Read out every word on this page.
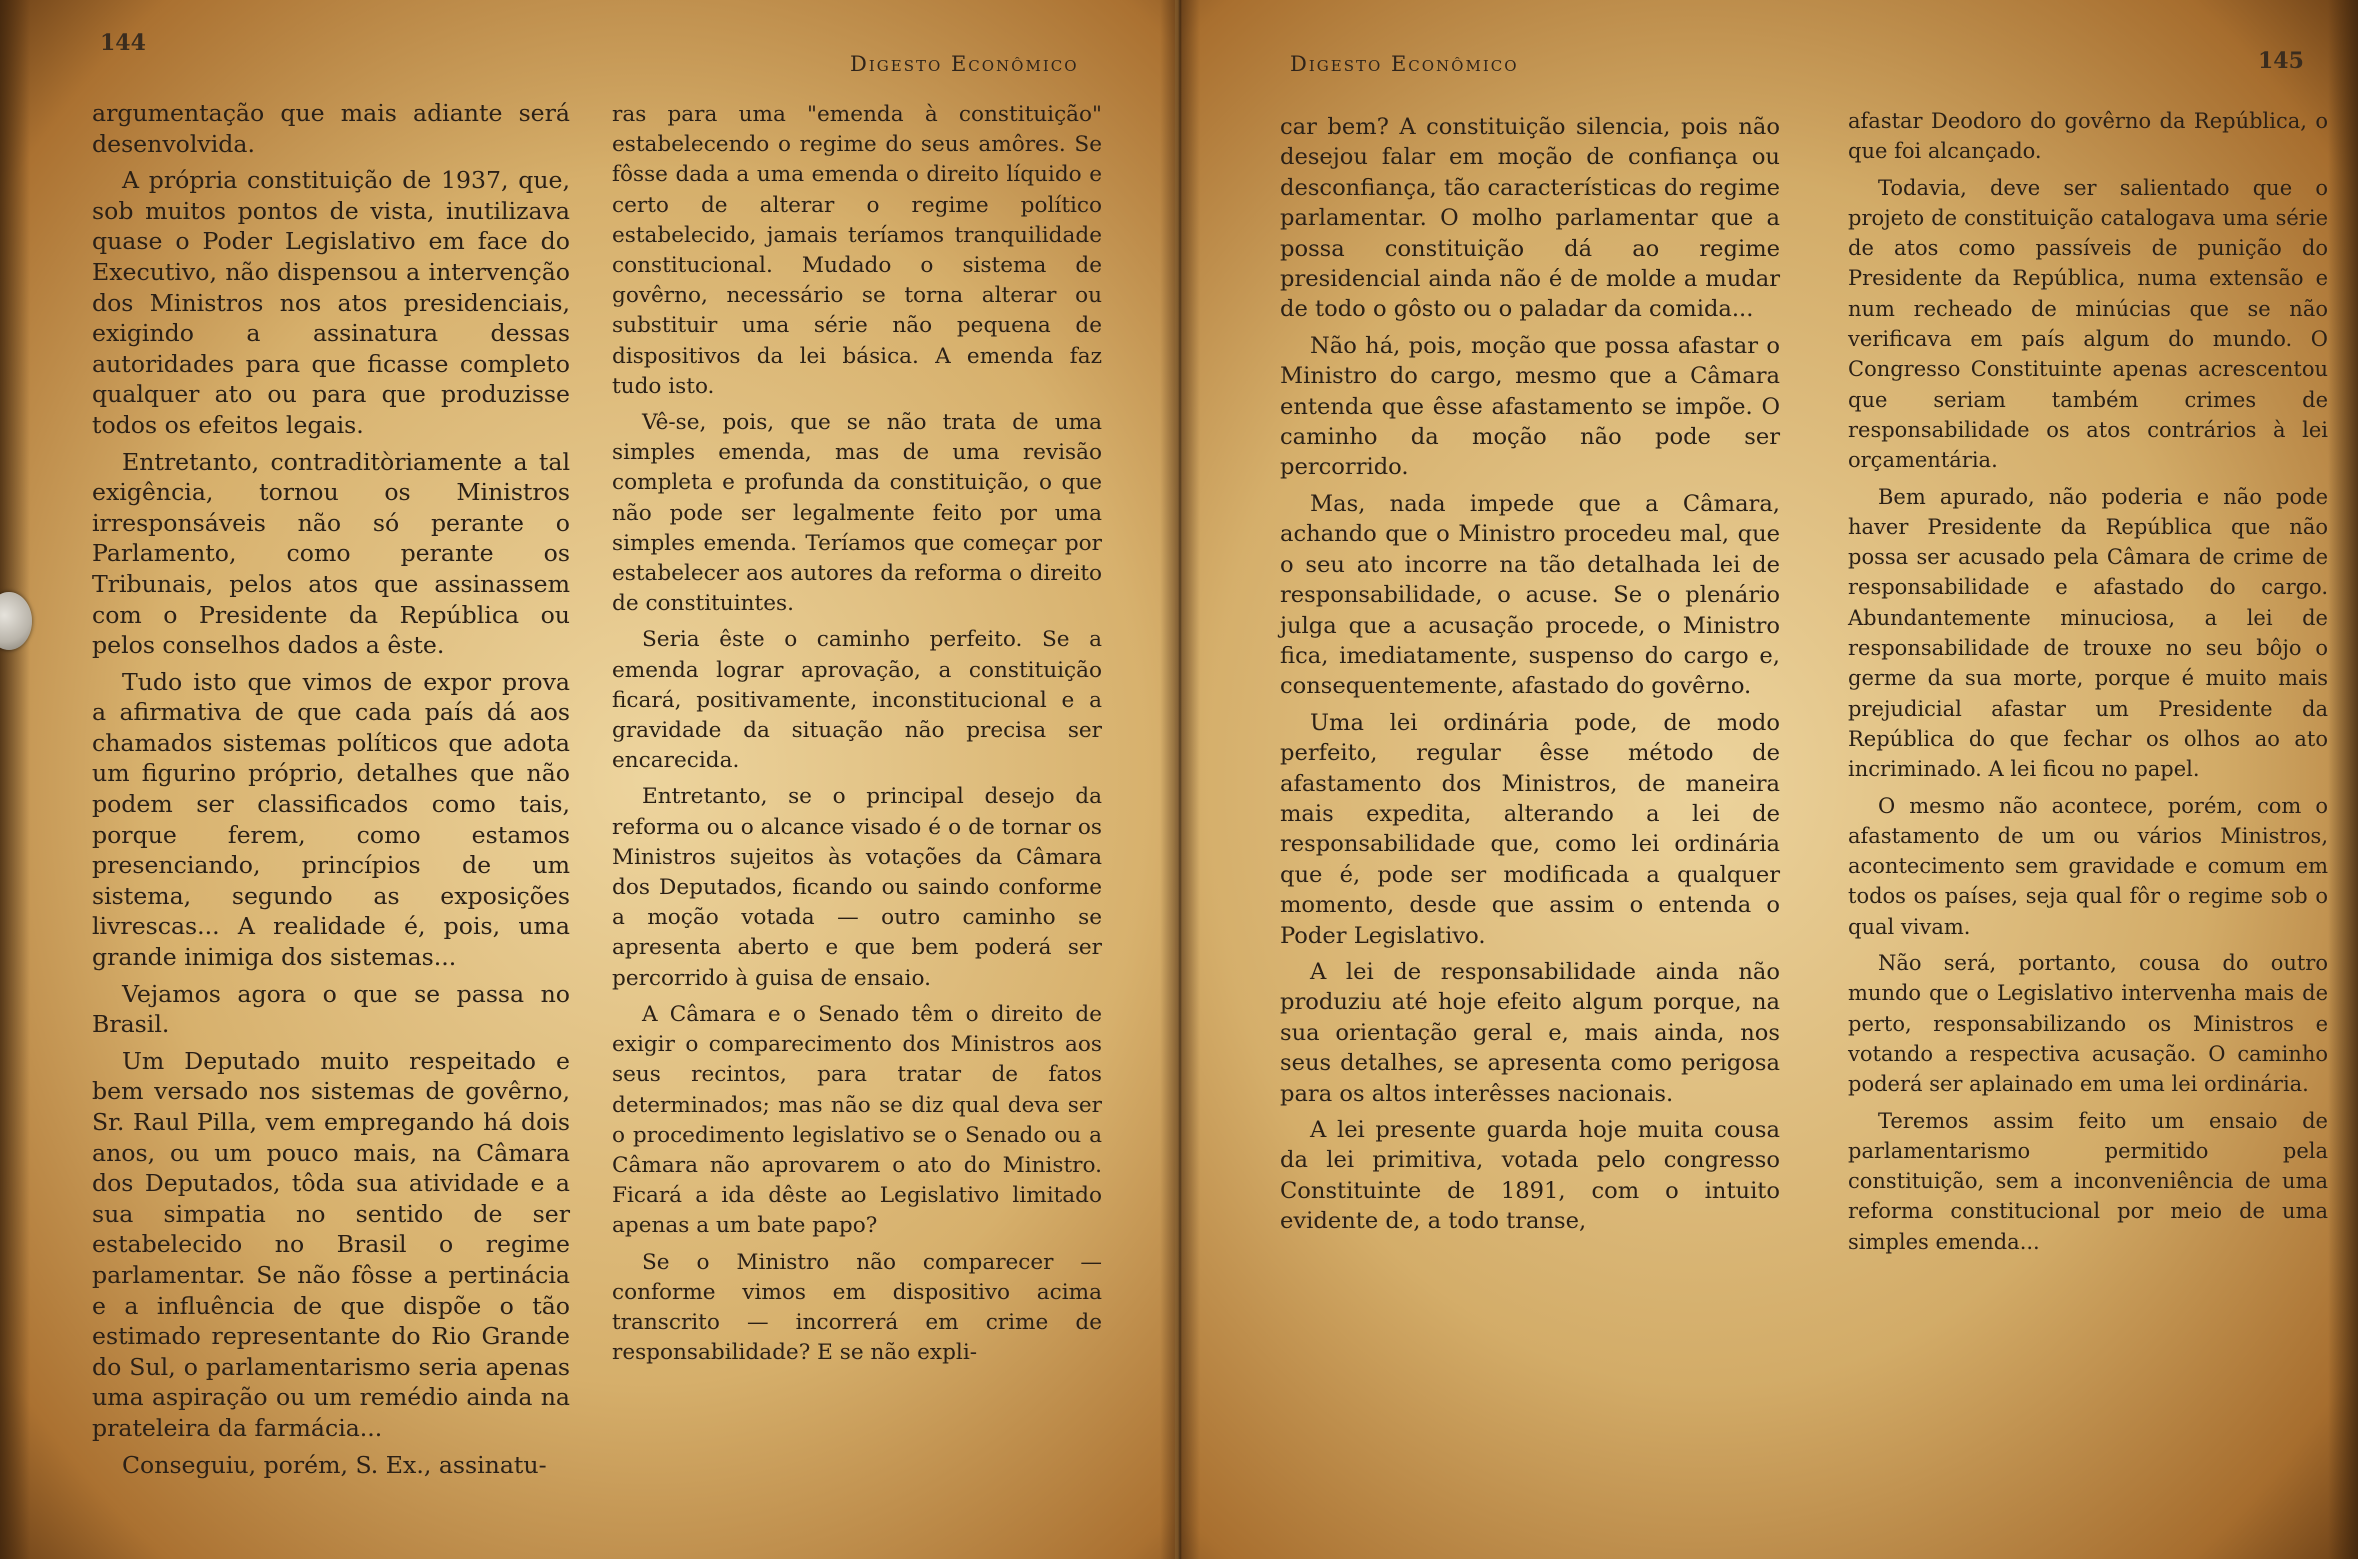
144
Digesto Econômico

argumentação que mais adiante será desenvolvida.

A própria constituição de 1937, que, sob muitos pontos de vista, inutilizava quase o Poder Legislativo em face do Executivo, não dispensou a intervenção dos Ministros nos atos presidenciais, exigindo a assinatura dessas autoridades para que ficasse completo qualquer ato ou para que produzisse todos os efeitos legais.

Entretanto, contraditòriamente a tal exigência, tornou os Ministros irresponsáveis não só perante o Parlamento, como perante os Tribunais, pelos atos que assinassem com o Presidente da República ou pelos conselhos dados a êste.

Tudo isto que vimos de expor prova a afirmativa de que cada país dá aos chamados sistemas políticos que adota um figurino próprio, detalhes que não podem ser classificados como tais, porque ferem, como estamos presenciando, princípios de um sistema, segundo as exposições livrescas... A realidade é, pois, uma grande inimiga dos sistemas...

Vejamos agora o que se passa no Brasil.

Um Deputado muito respeitado e bem versado nos sistemas de govêrno, Sr. Raul Pilla, vem empregando há dois anos, ou um pouco mais, na Câmara dos Deputados, tôda sua atividade e a sua simpatia no sentido de ser estabelecido no Brasil o regime parlamentar. Se não fôsse a pertinácia e a influência de que dispõe o tão estimado representante do Rio Grande do Sul, o parlamentarismo seria apenas uma aspiração ou um remédio ainda na prateleira da farmácia...

Conseguiu, porém, S. Ex., assinatu-

ras para uma "emenda à constituição" estabelecendo o regime do seus amôres. Se fôsse dada a uma emenda o direito líquido e certo de alterar o regime político estabelecido, jamais teríamos tranquilidade constitucional. Mudado o sistema de govêrno, necessário se torna alterar ou substituir uma série não pequena de dispositivos da lei básica. A emenda faz tudo isto.

Vê-se, pois, que se não trata de uma simples emenda, mas de uma revisão completa e profunda da constituição, o que não pode ser legalmente feito por uma simples emenda. Teríamos que começar por estabelecer aos autores da reforma o direito de constituintes.

Seria êste o caminho perfeito. Se a emenda lograr aprovação, a constituição ficará, positivamente, inconstitucional e a gravidade da situação não precisa ser encarecida.

Entretanto, se o principal desejo da reforma ou o alcance visado é o de tornar os Ministros sujeitos às votações da Câmara dos Deputados, ficando ou saindo conforme a moção votada — outro caminho se apresenta aberto e que bem poderá ser percorrido à guisa de ensaio.

A Câmara e o Senado têm o direito de exigir o comparecimento dos Ministros aos seus recintos, para tratar de fatos determinados; mas não se diz qual deva ser o procedimento legislativo se o Senado ou a Câmara não aprovarem o ato do Ministro. Ficará a ida dêste ao Legislativo limitado apenas a um bate papo?

Se o Ministro não comparecer — conforme vimos em dispositivo acima transcrito — incorrerá em crime de responsabilidade? E se não expli-

Digesto Econômico	145

car bem? A constituição silencia, pois não desejou falar em moção de confiança ou desconfiança, tão características do regime parlamentar. O molho parlamentar que a possa constituição dá ao regime presidencial ainda não é de molde a mudar de todo o gôsto ou o paladar da comida...

Não há, pois, moção que possa afastar o Ministro do cargo, mesmo que a Câmara entenda que êsse afastamento se impõe. O caminho da moção não pode ser percorrido.

Mas, nada impede que a Câmara, achando que o Ministro procedeu mal, que o seu ato incorre na tão detalhada lei de responsabilidade, o acuse. Se o plenário julga que a acusação procede, o Ministro fica, imediatamente, suspenso do cargo e, consequentemente, afastado do govêrno.

Uma lei ordinária pode, de modo perfeito, regular êsse método de afastamento dos Ministros, de maneira mais expedita, alterando a lei de responsabilidade que, como lei ordinária que é, pode ser modificada a qualquer momento, desde que assim o entenda o Poder Legislativo.

A lei de responsabilidade ainda não produziu até hoje efeito algum porque, na sua orientação geral e, mais ainda, nos seus detalhes, se apresenta como perigosa para os altos interêsses nacionais.

A lei presente guarda hoje muita cousa da lei primitiva, votada pelo congresso Constituinte de 1891, com o intuito evidente de, a todo transe,

afastar Deodoro do govêrno da República, o que foi alcançado.

Todavia, deve ser salientado que o projeto de constituição catalogava uma série de atos como passíveis de punição do Presidente da República, numa extensão e num recheado de minúcias que se não verificava em país algum do mundo. O Congresso Constituinte apenas acrescentou que seriam também crimes de responsabilidade os atos contrários à lei orçamentária.

Bem apurado, não poderia e não pode haver Presidente da República que não possa ser acusado pela Câmara de crime de responsabilidade e afastado do cargo. Abundantemente minuciosa, a lei de responsabilidade de trouxe no seu bôjo o germe da sua morte, porque é muito mais prejudicial afastar um Presidente da República do que fechar os olhos ao ato incriminado. A lei ficou no papel.

O mesmo não acontece, porém, com o afastamento de um ou vários Ministros, acontecimento sem gravidade e comum em todos os países, seja qual fôr o regime sob o qual vivam.

Não será, portanto, cousa do outro mundo que o Legislativo intervenha mais de perto, responsabilizando os Ministros e votando a respectiva acusação. O caminho poderá ser aplainado em uma lei ordinária.

Teremos assim feito um ensaio de parlamentarismo permitido pela constituição, sem a inconveniência de uma reforma constitucional por meio de uma simples emenda...
